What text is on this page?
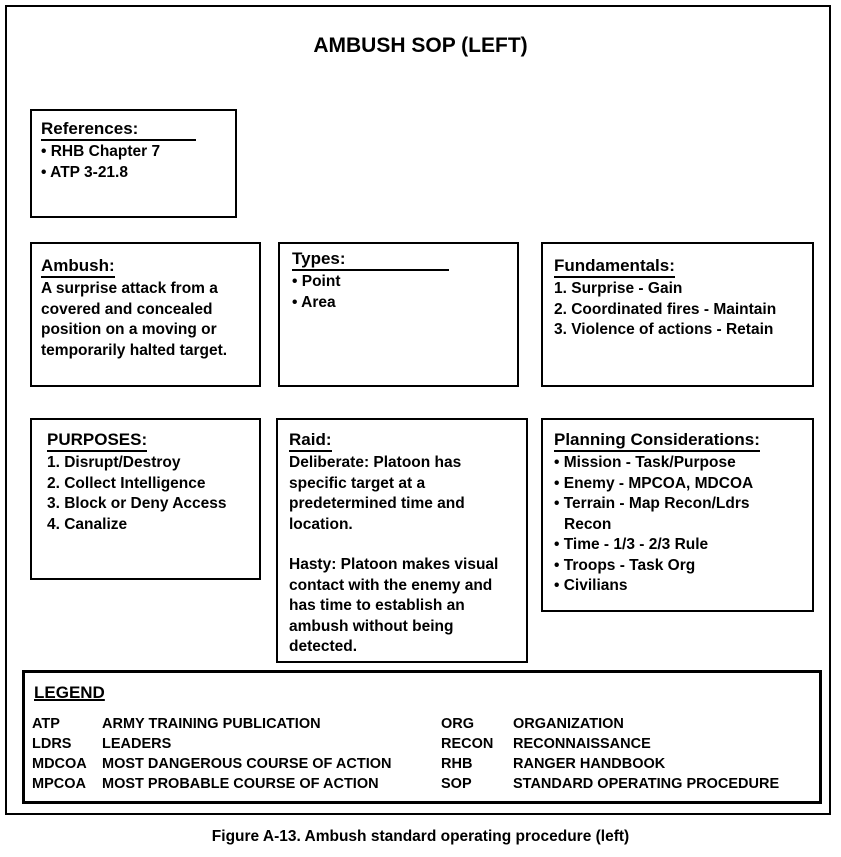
AMBUSH SOP (LEFT)
References:
• RHB Chapter 7
• ATP 3-21.8
Ambush:
A surprise attack from a
covered and concealed
position on a moving or
temporarily halted target.
Types:
• Point
• Area
Fundamentals:
1. Surprise - Gain
2. Coordinated fires - Maintain
3. Violence of actions - Retain
PURPOSES:
1. Disrupt/Destroy
2. Collect Intelligence
3. Block or Deny Access
4. Canalize
Raid:
Deliberate: Platoon has
specific target at a
predetermined time and
location.
Hasty: Platoon makes visual
contact with the enemy and
has time to establish an
ambush without being
detected.
Planning Considerations:
• Mission - Task/Purpose
• Enemy - MPCOA, MDCOA
• Terrain - Map Recon/Ldrs
Recon
• Time - 1/3 - 2/3 Rule
• Troops - Task Org
• Civilians
LEGEND
ATP	ARMY TRAINING PUBLICATION	ORG	ORGANIZATION
LDRS	LEADERS	RECON	RECONNAISSANCE
MDCOA	MOST DANGEROUS COURSE OF ACTION	RHB	RANGER HANDBOOK
MPCOA	MOST PROBABLE COURSE OF ACTION	SOP	STANDARD OPERATING PROCEDURE
Figure A-13. Ambush standard operating procedure (left)
